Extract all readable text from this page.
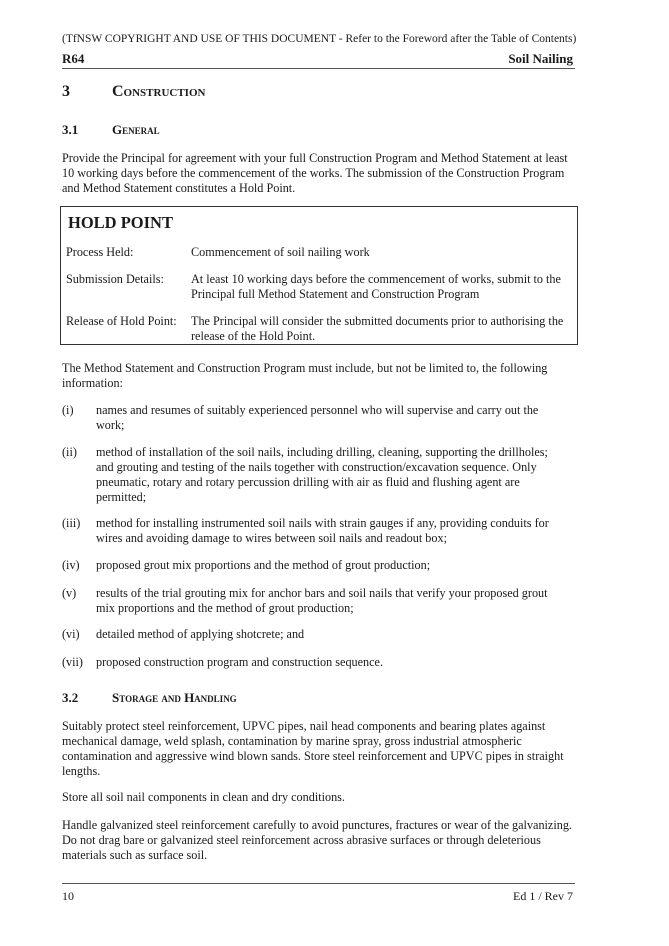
(TfNSW COPYRIGHT AND USE OF THIS DOCUMENT - Refer to the Foreword after the Table of Contents)
R64	Soil Nailing
3	Construction
3.1	General

Provide the Principal for agreement with your full Construction Program and Method Statement at least 10 working days before the commencement of the works. The submission of the Construction Program and Method Statement constitutes a Hold Point.

HOLD POINT
Process Held:	Commencement of soil nailing work
Submission Details: At least 10 working days before the commencement of works, submit to the Principal full Method Statement and Construction Program
Release of Hold Point: The Principal will consider the submitted documents prior to authorising the release of the Hold Point.

The Method Statement and Construction Program must include, but not be limited to, the following information:

(i) names and resumes of suitably experienced personnel who will supervise and carry out the work;

(ii) method of installation of the soil nails, including drilling, cleaning, supporting the drillholes; and grouting and testing of the nails together with construction/excavation sequence. Only pneumatic, rotary and rotary percussion drilling with air as fluid and flushing agent are permitted;

(iii) method for installing instrumented soil nails with strain gauges if any, providing conduits for wires and avoiding damage to wires between soil nails and readout box;

(iv) proposed grout mix proportions and the method of grout production;

(v) results of the trial grouting mix for anchor bars and soil nails that verify your proposed grout mix proportions and the method of grout production;

(vi) detailed method of applying shotcrete; and

(vii) proposed construction program and construction sequence.

3.2	Storage and Handling

Suitably protect steel reinforcement, UPVC pipes, nail head components and bearing plates against mechanical damage, weld splash, contamination by marine spray, gross industrial atmospheric contamination and aggressive wind blown sands. Store steel reinforcement and UPVC pipes in straight lengths.

Store all soil nail components in clean and dry conditions.

Handle galvanized steel reinforcement carefully to avoid punctures, fractures or wear of the galvanizing. Do not drag bare or galvanized steel reinforcement across abrasive surfaces or through deleterious materials such as surface soil.

10	Ed 1 / Rev 7
